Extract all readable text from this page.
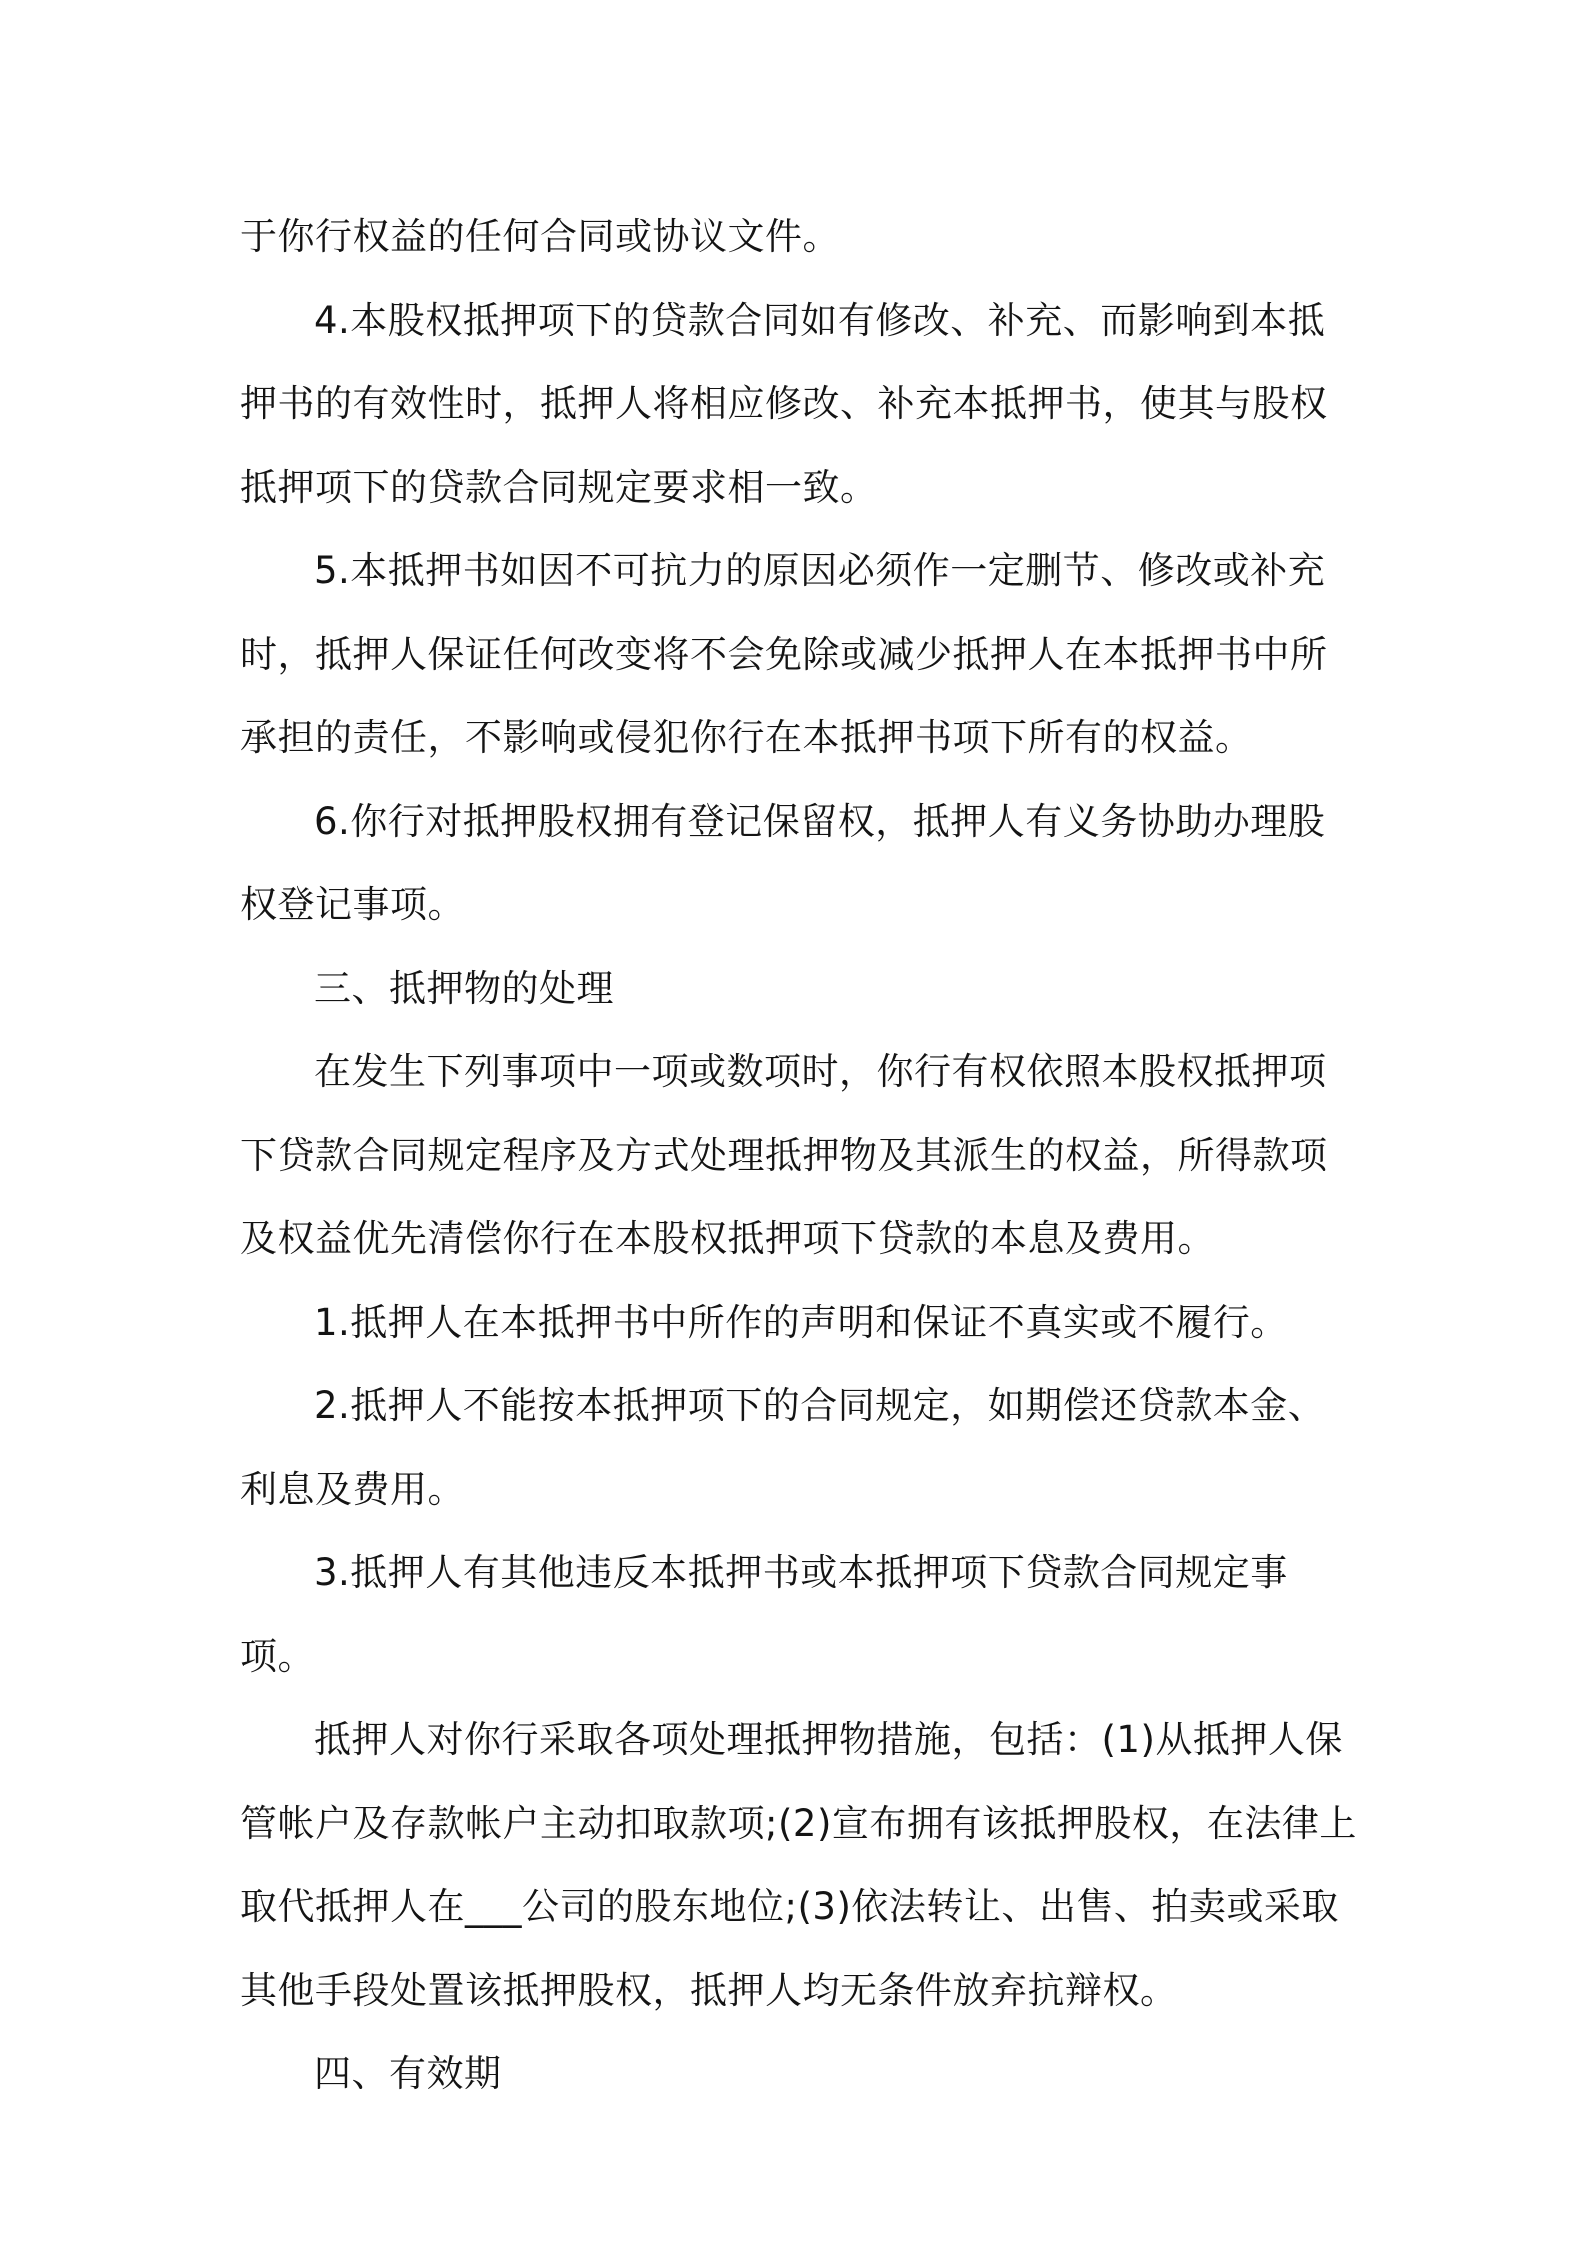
于你行权益的任何合同或协议文件。

4.本股权抵押项下的贷款合同如有修改、补充、而影响到本抵押书的有效性时，抵押人将相应修改、补充本抵押书，使其与股权抵押项下的贷款合同规定要求相一致。

5.本抵押书如因不可抗力的原因必须作一定删节、修改或补充时，抵押人保证任何改变将不会免除或减少抵押人在本抵押书中所承担的责任，不影响或侵犯你行在本抵押书项下所有的权益。

6.你行对抵押股权拥有登记保留权，抵押人有义务协助办理股权登记事项。

三、抵押物的处理

在发生下列事项中一项或数项时，你行有权依照本股权抵押项下贷款合同规定程序及方式处理抵押物及其派生的权益，所得款项及权益优先清偿你行在本股权抵押项下贷款的本息及费用。

1.抵押人在本抵押书中所作的声明和保证不真实或不履行。

2.抵押人不能按本抵押项下的合同规定，如期偿还贷款本金、利息及费用。

3.抵押人有其他违反本抵押书或本抵押项下贷款合同规定事项。

抵押人对你行采取各项处理抵押物措施，包括：(1)从抵押人保管帐户及存款帐户主动扣取款项;(2)宣布拥有该抵押股权，在法律上取代抵押人在___公司的股东地位;(3)依法转让、出售、拍卖或采取其他手段处置该抵押股权，抵押人均无条件放弃抗辩权。

四、有效期
